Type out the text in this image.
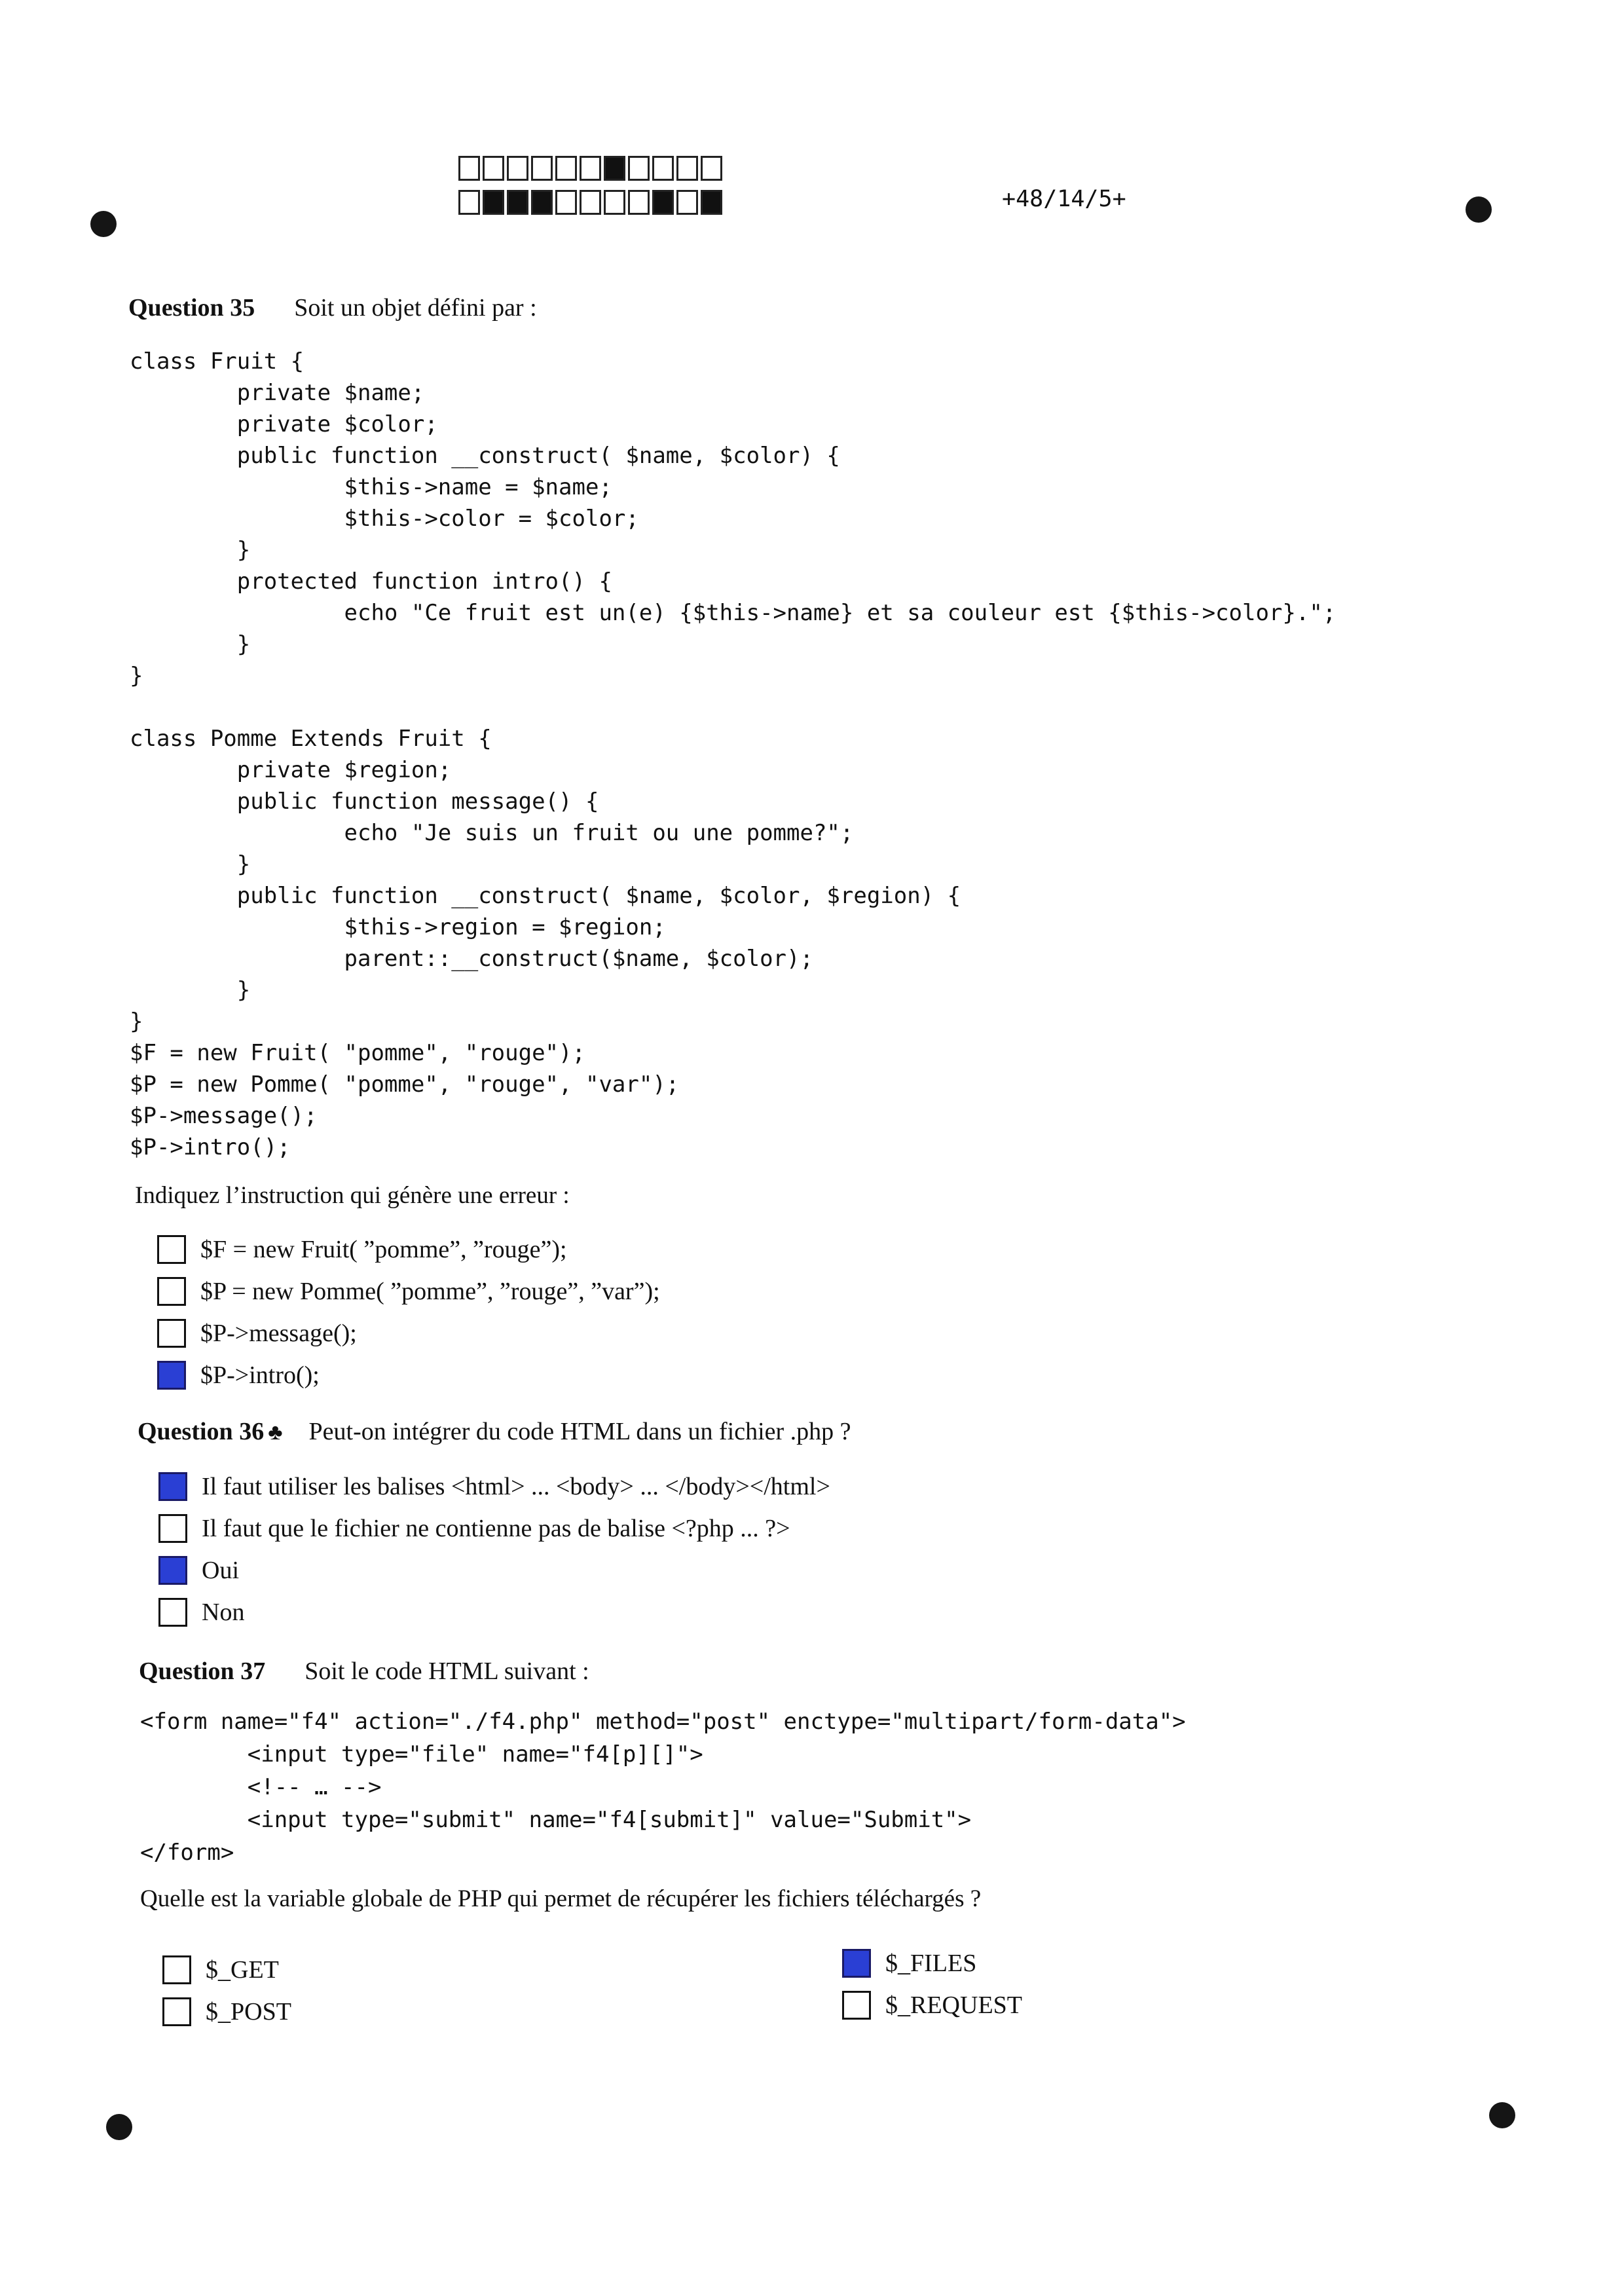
+48/14/5+
Question 35 Soit un objet défini par :
class Fruit {
private $name;
private $color;
public function __construct( $name, $color) {
$this->name = $name;
$this->color = $color;
}
protected function intro() {
echo "Ce fruit est un(e) {$this->name} et sa couleur est {$this->color}.";
}
}

class Pomme Extends Fruit {
private $region;
public function message() {
echo "Je suis un fruit ou une pomme?";
}
public function __construct( $name, $color, $region) {
$this->region = $region;
parent::__construct($name, $color);
}
}
$F = new Fruit( "pomme", "rouge");
$P = new Pomme( "pomme", "rouge", "var");
$P->message();
$P->intro();
Indiquez l’instruction qui génère une erreur :
$F = new Fruit( ”pomme”, ”rouge”);
$P = new Pomme( ”pomme”, ”rouge”, ”var”);
$P->message();
$P->intro();
Question 36 ♣ Peut-on intégrer du code HTML dans un fichier .php ?
Il faut utiliser les balises <html> ... <body> ... </body></html>
Il faut que le fichier ne contienne pas de balise <?php ... ?>
Oui
Non
Question 37 Soit le code HTML suivant :
<form name="f4" action="./f4.php" method="post" enctype="multipart/form-data">
<input type="file" name="f4[p][]">
<!-- … -->
<input type="submit" name="f4[submit]" value="Submit">
</form>
Quelle est la variable globale de PHP qui permet de récupérer les fichiers téléchargés ?
$_GET
$_POST
$_FILES
$_REQUEST
